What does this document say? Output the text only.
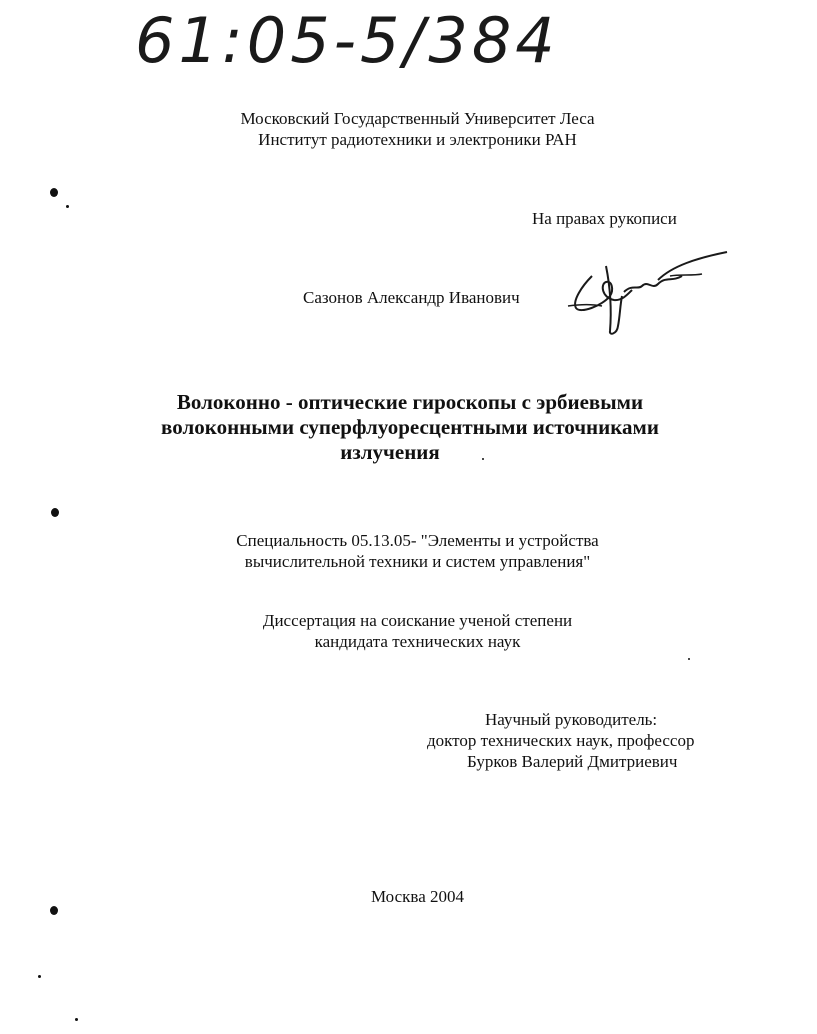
61:05-5/384
Московский Государственный Университет Леса
Институт радиотехники и электроники РАН
На правах рукописи
Сазонов Александр Иванович
Волоконно - оптические гироскопы с эрбиевыми
волоконными суперфлуоресцентными источниками
излучения
Специальность 05.13.05- "Элементы и устройства
вычислительной техники и систем управления"
Диссертация на соискание ученой степени
кандидата технических наук
Научный руководитель:
доктор технических наук, профессор
Бурков Валерий Дмитриевич
Москва 2004
